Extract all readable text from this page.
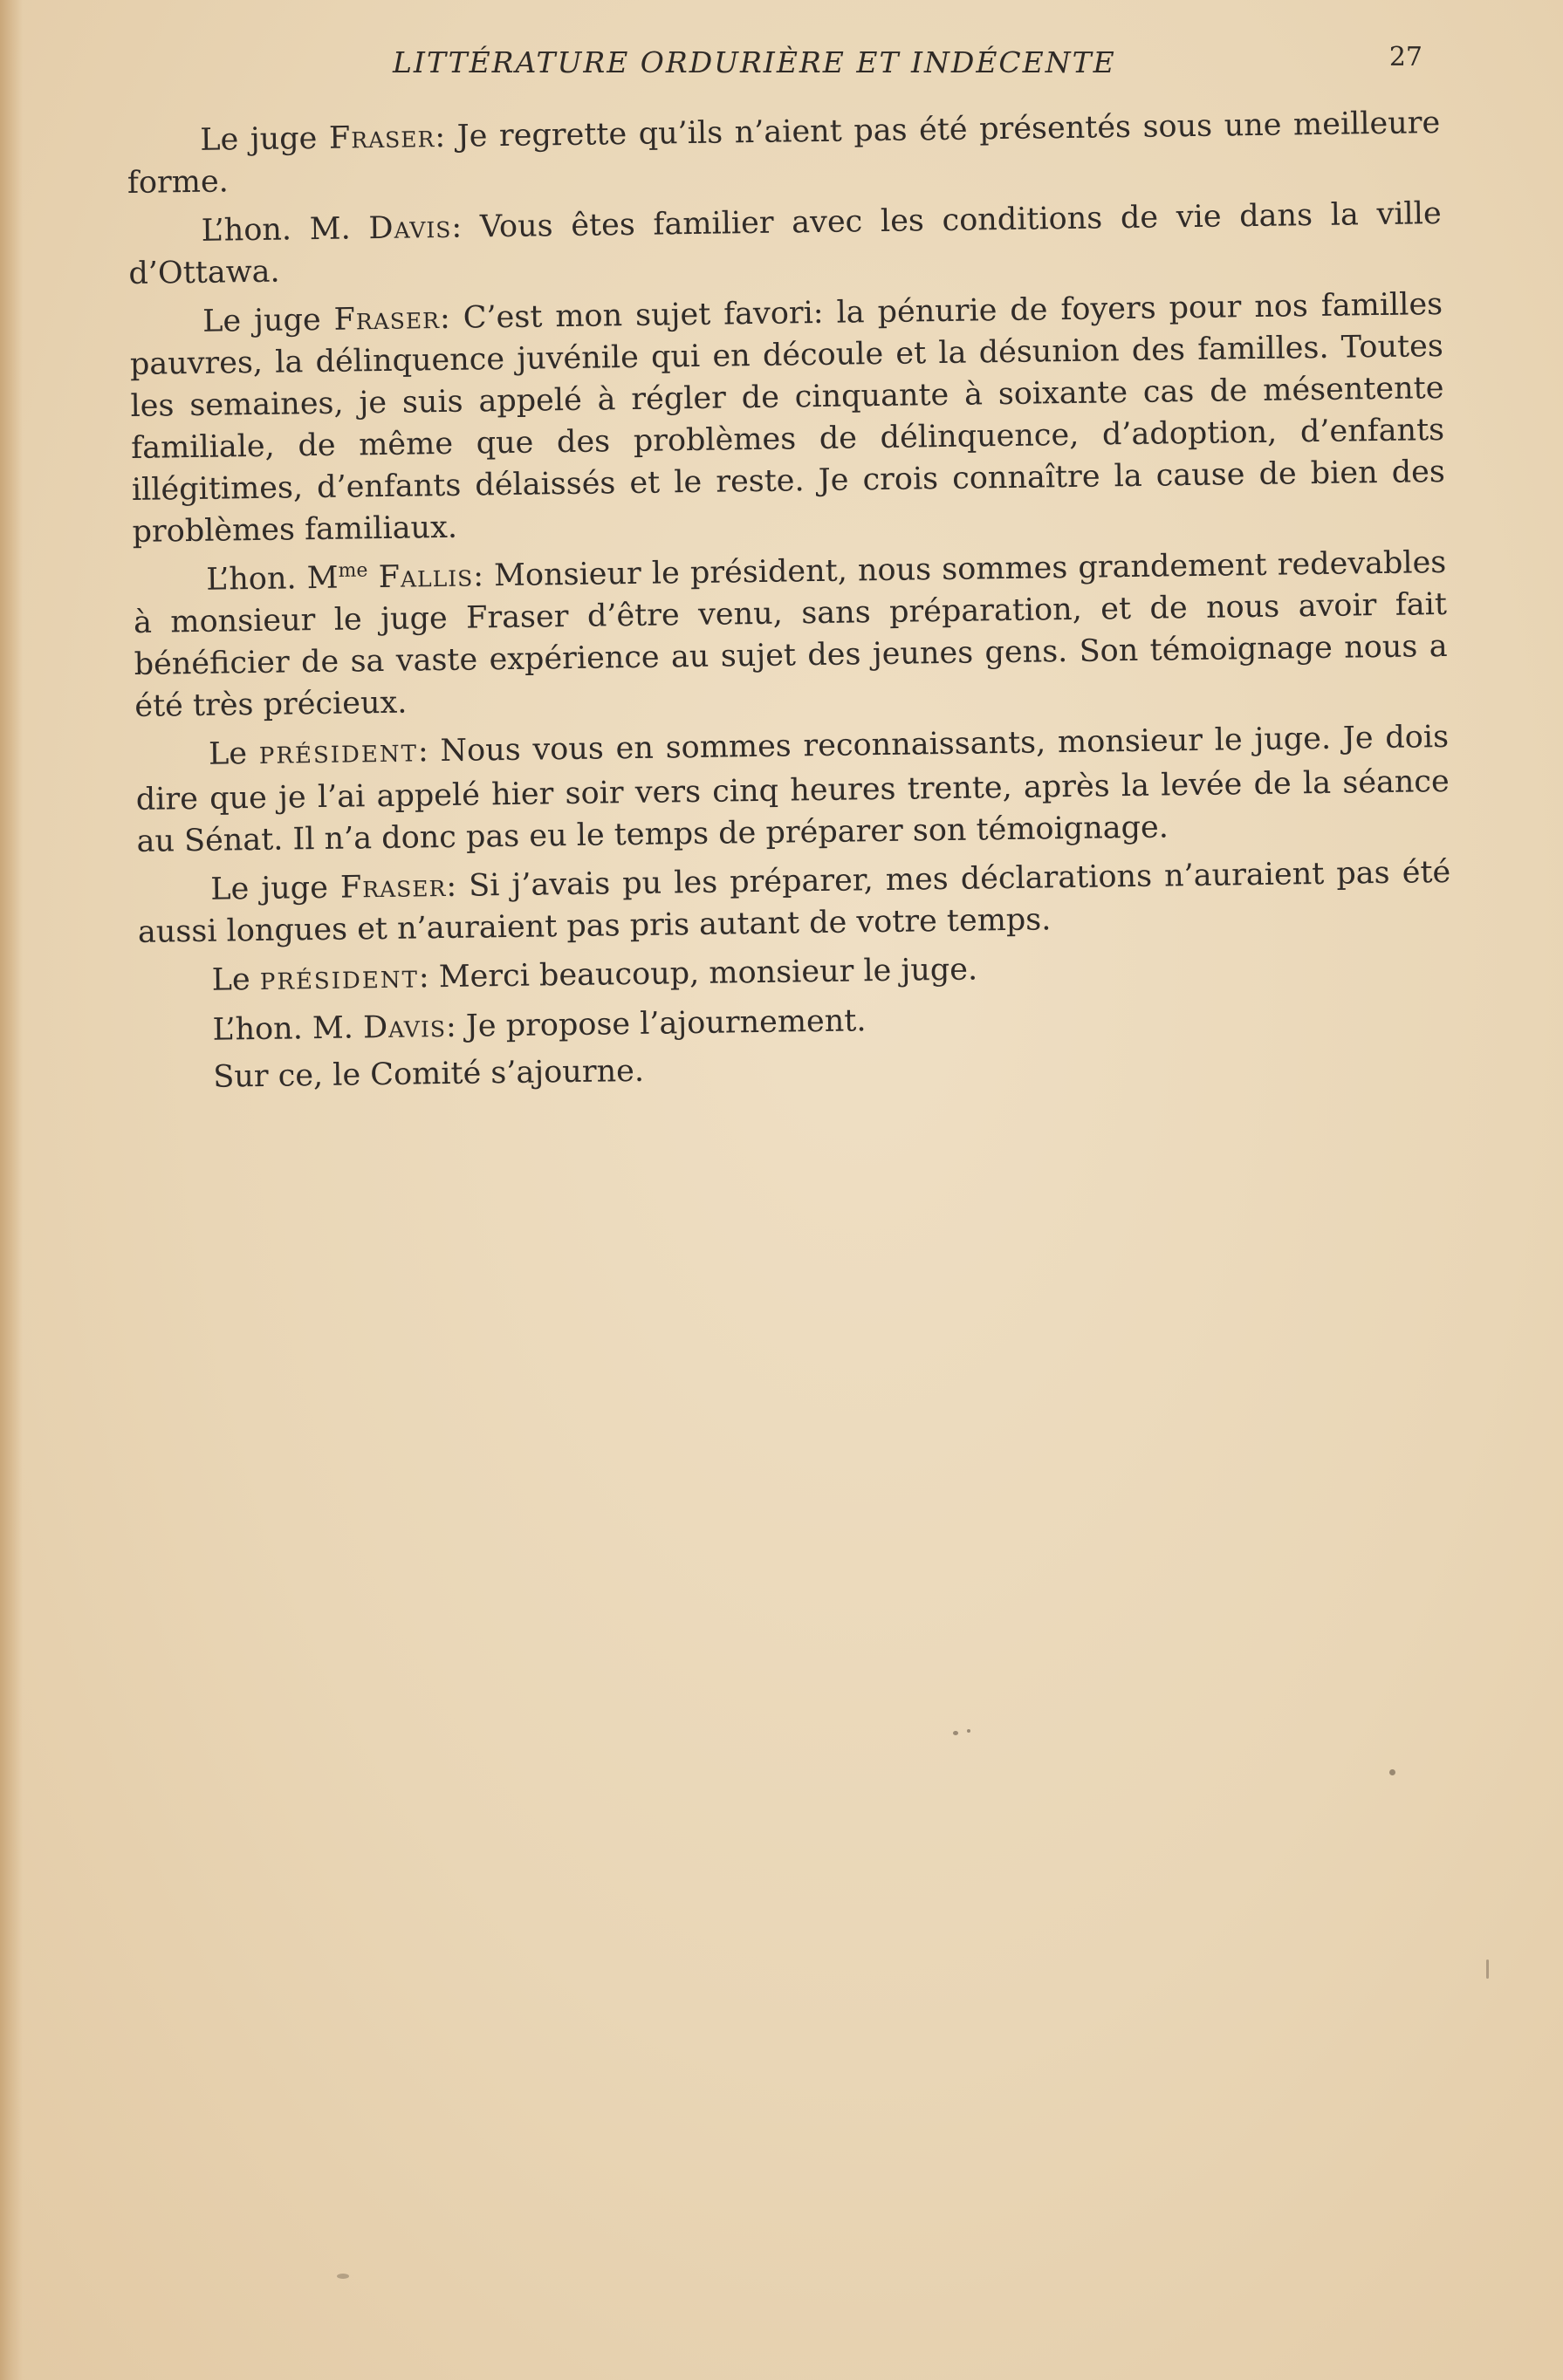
LITTÉRATURE ORDURIÈRE ET INDÉCENTE	27

Le juge Fraser: Je regrette qu’ils n’aient pas été présentés sous une meilleure forme.

L’hon. M. Davis: Vous êtes familier avec les conditions de vie dans la ville d’Ottawa.

Le juge Fraser: C’est mon sujet favori: la pénurie de foyers pour nos familles pauvres, la délinquence juvénile qui en découle et la désunion des familles. Toutes les semaines, je suis appelé à régler de cinquante à soixante cas de mésentente familiale, de même que des problèmes de délinquence, d’adoption, d’enfants illégitimes, d’enfants délaissés et le reste. Je crois connaître la cause de bien des problèmes familiaux.

L’hon. $M^{me}$ Fallis: Monsieur le président, nous sommes grandement redevables à monsieur le juge Fraser d’être venu, sans préparation, et de nous avoir fait bénéficier de sa vaste expérience au sujet des jeunes gens. Son témoignage nous a été très précieux.

Le PRÉSIDENT: Nous vous en sommes reconnaissants, monsieur le juge. Je dois dire que je l’ai appelé hier soir vers cinq heures trente, après la levée de la séance au Sénat. Il n’a donc pas eu le temps de préparer son témoignage.

Le juge Fraser: Si j’avais pu les préparer, mes déclarations n’auraient pas été aussi longues et n’auraient pas pris autant de votre temps.

Le PRÉSIDENT: Merci beaucoup, monsieur le juge.

L’hon. M. Davis: Je propose l’ajournement.

Sur ce, le Comité s’ajourne.
